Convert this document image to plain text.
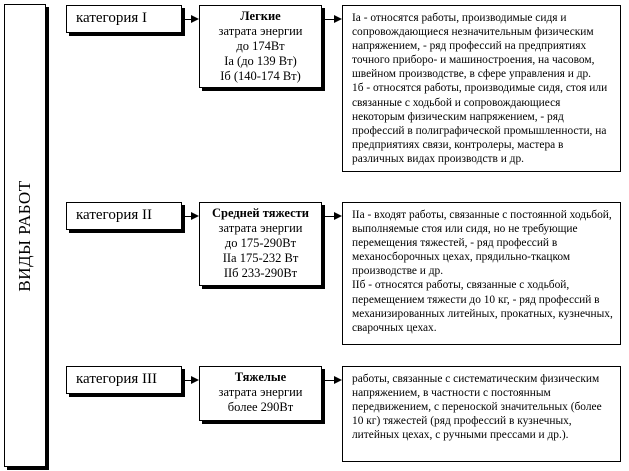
ВИДЫ РАБОТ
категория I	Легкие
затрата энергии
до 174Вт
Iа (до 139 Вт)
Iб (140-174 Вт)

Iа - относятся работы, производимые сидя и сопровождающиеся незначительным физическим напряжением, - ряд профессий на предприятиях точного приборо- и машиностроения, на часовом, швейном производстве, в сфере управления и др.

1б - относятся работы, производимые сидя, стоя или связанные с ходьбой и сопровождающиеся некоторым физическим напряжением, - ряд профессий в полиграфической промышленности, на предприятиях связи, контролеры, мастера в различных видах производств и др.

категория II	Средней тяжести
затрата энергии
до 175-290Вт
IIа 175-232 Вт
IIб 233-290Вт

IIа - входят работы, связанные с постоянной ходьбой, выполняемые стоя или сидя, но не требующие перемещения тяжестей, - ряд профессий в механосборочных цехах, прядильно-ткацком производстве и др.

IIб - относятся работы, связанные с ходьбой, перемещением тяжести до 10 кг, - ряд профессий в механизированных литейных, прокатных, кузнечных, сварочных цехах.

категория III	Тяжелые
затрата энергии
более 290Вт

работы, связанные с систематическим физическим напряжением, в частности с постоянным передвижением, с переноской значительных (более 10 кг) тяжестей (ряд профессий в кузнечных, литейных цехах, с ручными прессами и др.).
